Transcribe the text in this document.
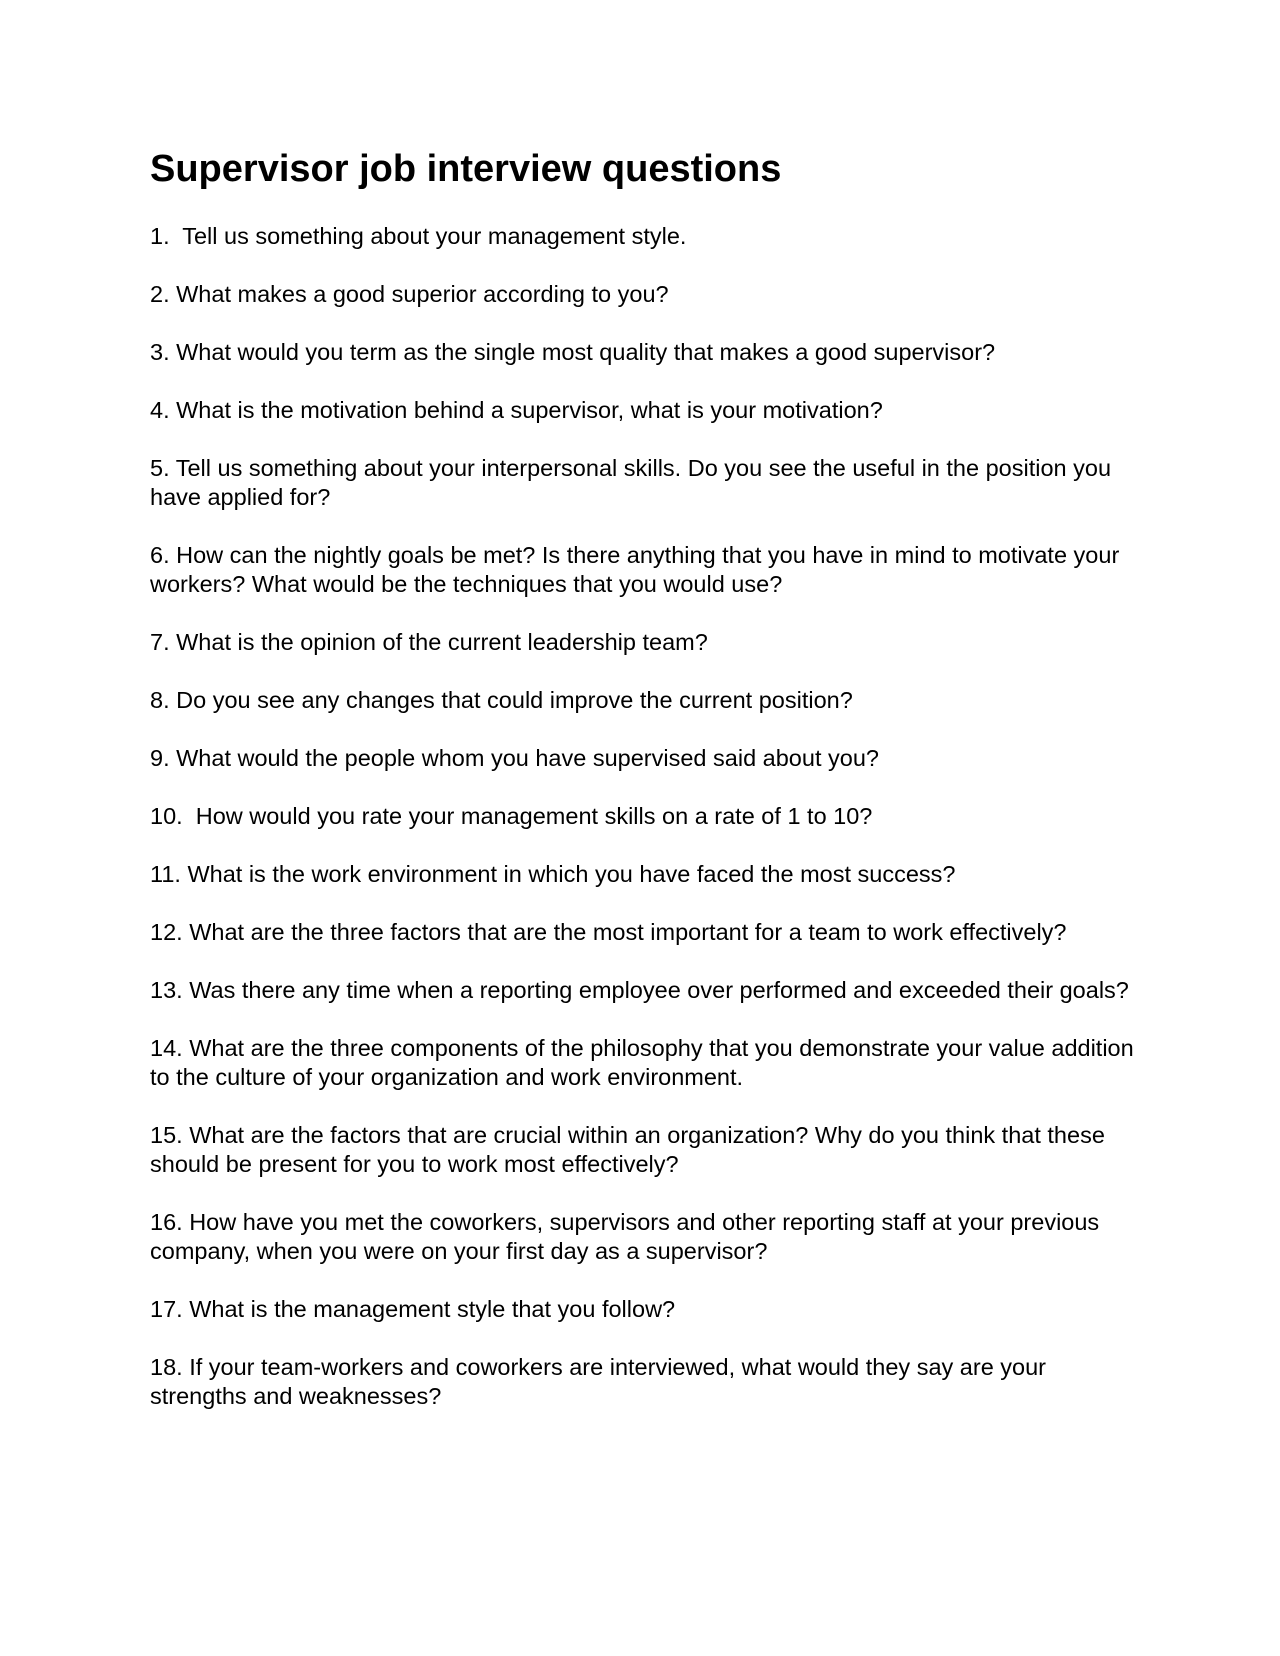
Supervisor job interview questions
1.  Tell us something about your management style.
2. What makes a good superior according to you?
3. What would you term as the single most quality that makes a good supervisor?
4. What is the motivation behind a supervisor, what is your motivation?
5. Tell us something about your interpersonal skills. Do you see the useful in the position you have applied for?
6. How can the nightly goals be met? Is there anything that you have in mind to motivate your workers? What would be the techniques that you would use?
7. What is the opinion of the current leadership team?
8. Do you see any changes that could improve the current position?
9. What would the people whom you have supervised said about you?
10.  How would you rate your management skills on a rate of 1 to 10?
11. What is the work environment in which you have faced the most success?
12. What are the three factors that are the most important for a team to work effectively?
13. Was there any time when a reporting employee over performed and exceeded their goals?
14. What are the three components of the philosophy that you demonstrate your value addition to the culture of your organization and work environment.
15. What are the factors that are crucial within an organization? Why do you think that these should be present for you to work most effectively?
16. How have you met the coworkers, supervisors and other reporting staff at your previous company, when you were on your first day as a supervisor?
17. What is the management style that you follow?
18. If your team-workers and coworkers are interviewed, what would they say are your strengths and weaknesses?
